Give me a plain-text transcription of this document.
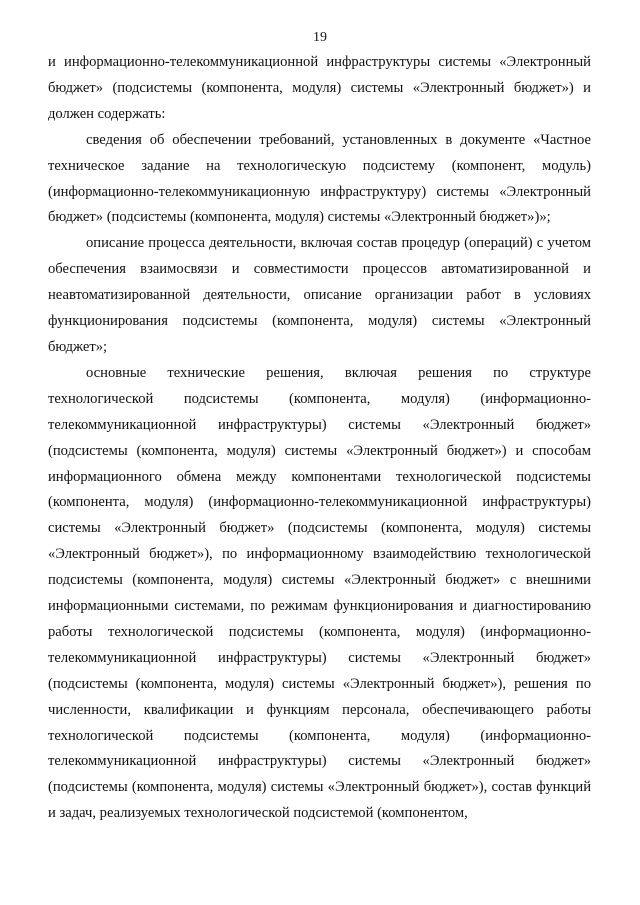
19

и информационно-телекоммуникационной инфраструктуры системы «Электронный бюджет» (подсистемы (компонента, модуля) системы «Электронный бюджет») и должен содержать:

сведения об обеспечении требований, установленных в документе «Частное техническое задание на технологическую подсистему (компонент, модуль) (информационно-телекоммуникационную инфраструктуру) системы «Электронный бюджет» (подсистемы (компонента, модуля) системы «Электронный бюджет»)»;

описание процесса деятельности, включая состав процедур (операций) с учетом обеспечения взаимосвязи и совместимости процессов автоматизированной и неавтоматизированной деятельности, описание организации работ в условиях функционирования подсистемы (компонента, модуля) системы «Электронный бюджет»;

основные технические решения, включая решения по структуре технологической подсистемы (компонента, модуля) (информационно-телекоммуникационной инфраструктуры) системы «Электронный бюджет» (подсистемы (компонента, модуля) системы «Электронный бюджет») и способам информационного обмена между компонентами технологической подсистемы (компонента, модуля) (информационно-телекоммуникационной инфраструктуры) системы «Электронный бюджет» (подсистемы (компонента, модуля) системы «Электронный бюджет»), по информационному взаимодействию технологической подсистемы (компонента, модуля) системы «Электронный бюджет» с внешними информационными системами, по режимам функционирования и диагностированию работы технологической подсистемы (компонента, модуля) (информационно-телекоммуникационной инфраструктуры) системы «Электронный бюджет» (подсистемы (компонента, модуля) системы «Электронный бюджет»), решения по численности, квалификации и функциям персонала, обеспечивающего работы технологической подсистемы (компонента, модуля) (информационно-телекоммуникационной инфраструктуры) системы «Электронный бюджет» (подсистемы (компонента, модуля) системы «Электронный бюджет»), состав функций и задач, реализуемых технологической подсистемой (компонентом,
